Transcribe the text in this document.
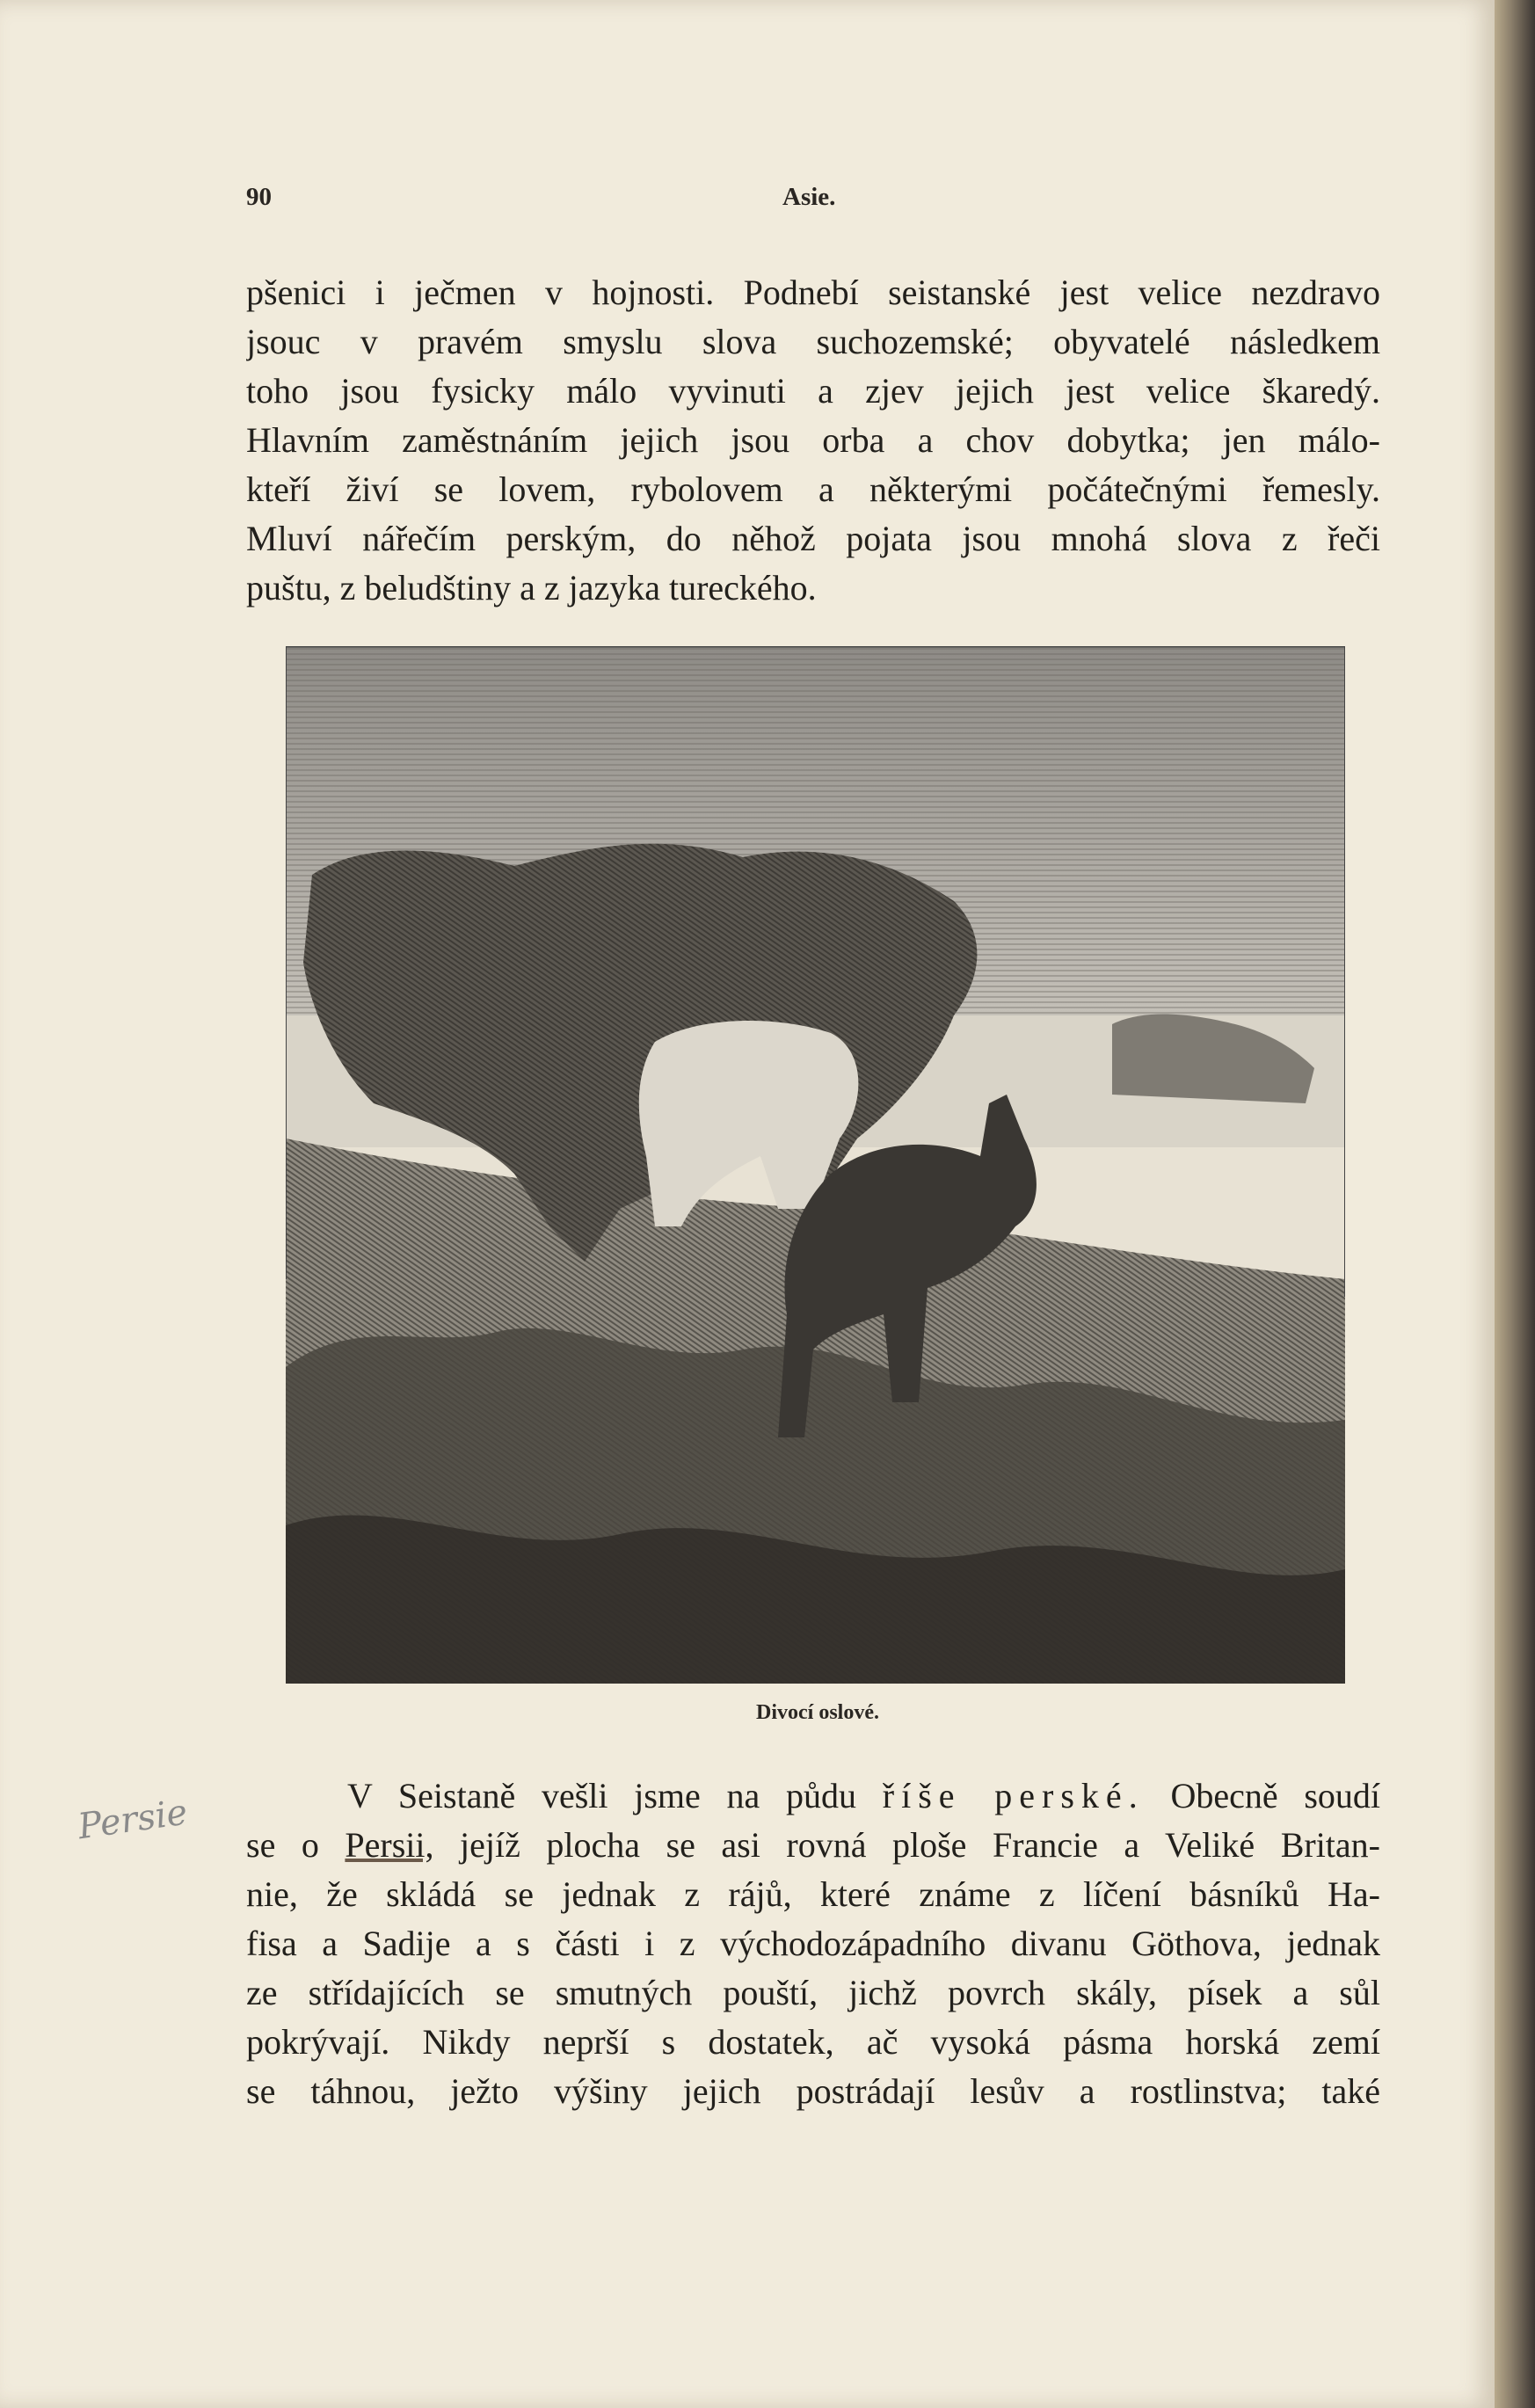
90	Asie.
pšenici i ječmen v hojnosti. Podnebí seistanské jest velice nezdravo
jsouc v pravém smyslu slova suchozemské; obyvatelé následkem
toho jsou fysicky málo vyvinuti a zjev jejich jest velice škaredý.
Hlavním zaměstnáním jejich jsou orba a chov dobytka; jen málo-
kteří živí se lovem, rybolovem a některými počátečnými řemesly.
Mluví nářečím perským, do něhož pojata jsou mnohá slova z řeči
puštu, z beludštiny a z jazyka tureckého.
Divocí oslové.
Persie	V Seistaně vešli jsme na půdu říše perské. Obecně soudí
se o Persii, jejíž plocha se asi rovná ploše Francie a Veliké Britan-
nie, že skládá se jednak z rájů, které známe z líčení básníků Ha-
fisa a Sadije a s části i z východozápadního divanu Göthova, jednak
ze střídajících se smutných pouští, jichž povrch skály, písek a sůl
pokrývají. Nikdy neprší s dostatek, ač vysoká pásma horská zemí
se táhnou, ježto výšiny jejich postrádají lesův a rostlinstva; také
